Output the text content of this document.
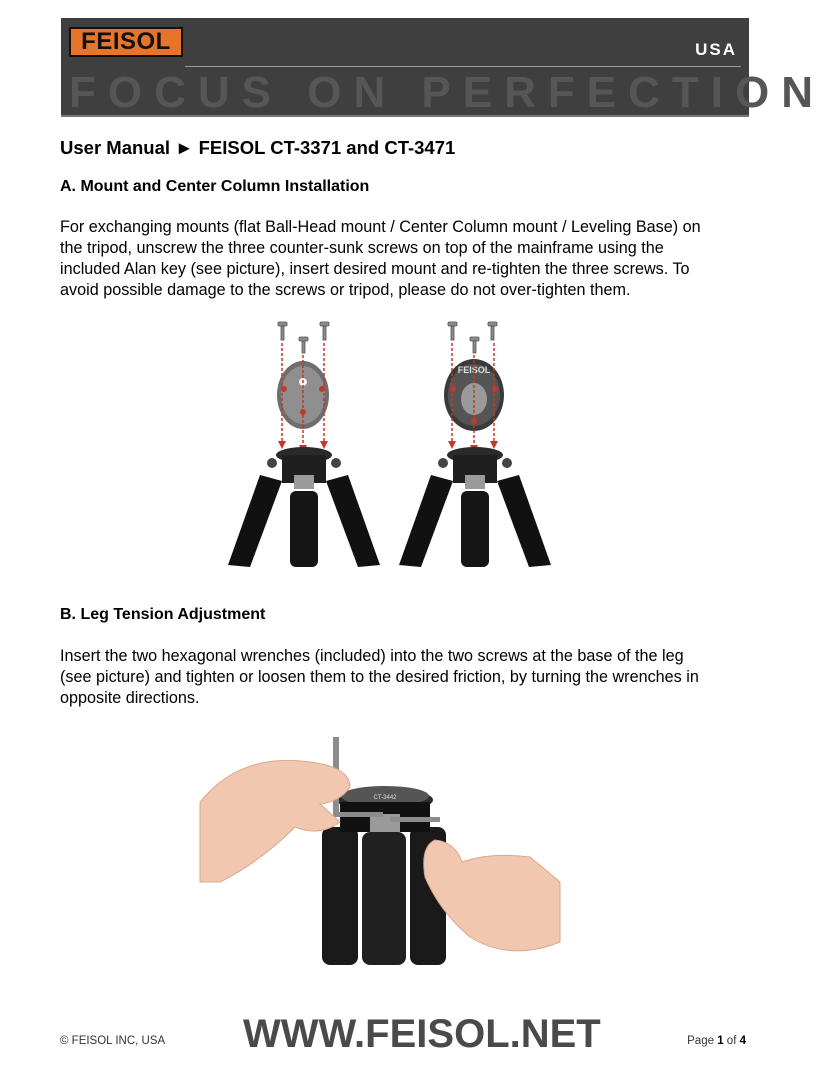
FEISOL	USA
FOCUS ON PERFECTION
User Manual ► FEISOL CT-3371 and CT-3471
A. Mount and Center Column Installation
For exchanging mounts (flat Ball-Head mount / Center Column mount / Leveling Base) on
the tripod, unscrew the three counter-sunk screws on top of the mainframe using the
included Alan key (see picture), insert desired mount and re-tighten the three screws. To
avoid possible damage to the screws or tripod, please do not over-tighten them.
FEISOL
B. Leg Tension Adjustment
Insert the two hexagonal wrenches (included) into the two screws at the base of the leg
(see picture) and tighten or loosen them to the desired friction, by turning the wrenches in
opposite directions.
CT-3442
© FEISOL INC, USA WWW.FEISOL.NET	Page 1 of 4
